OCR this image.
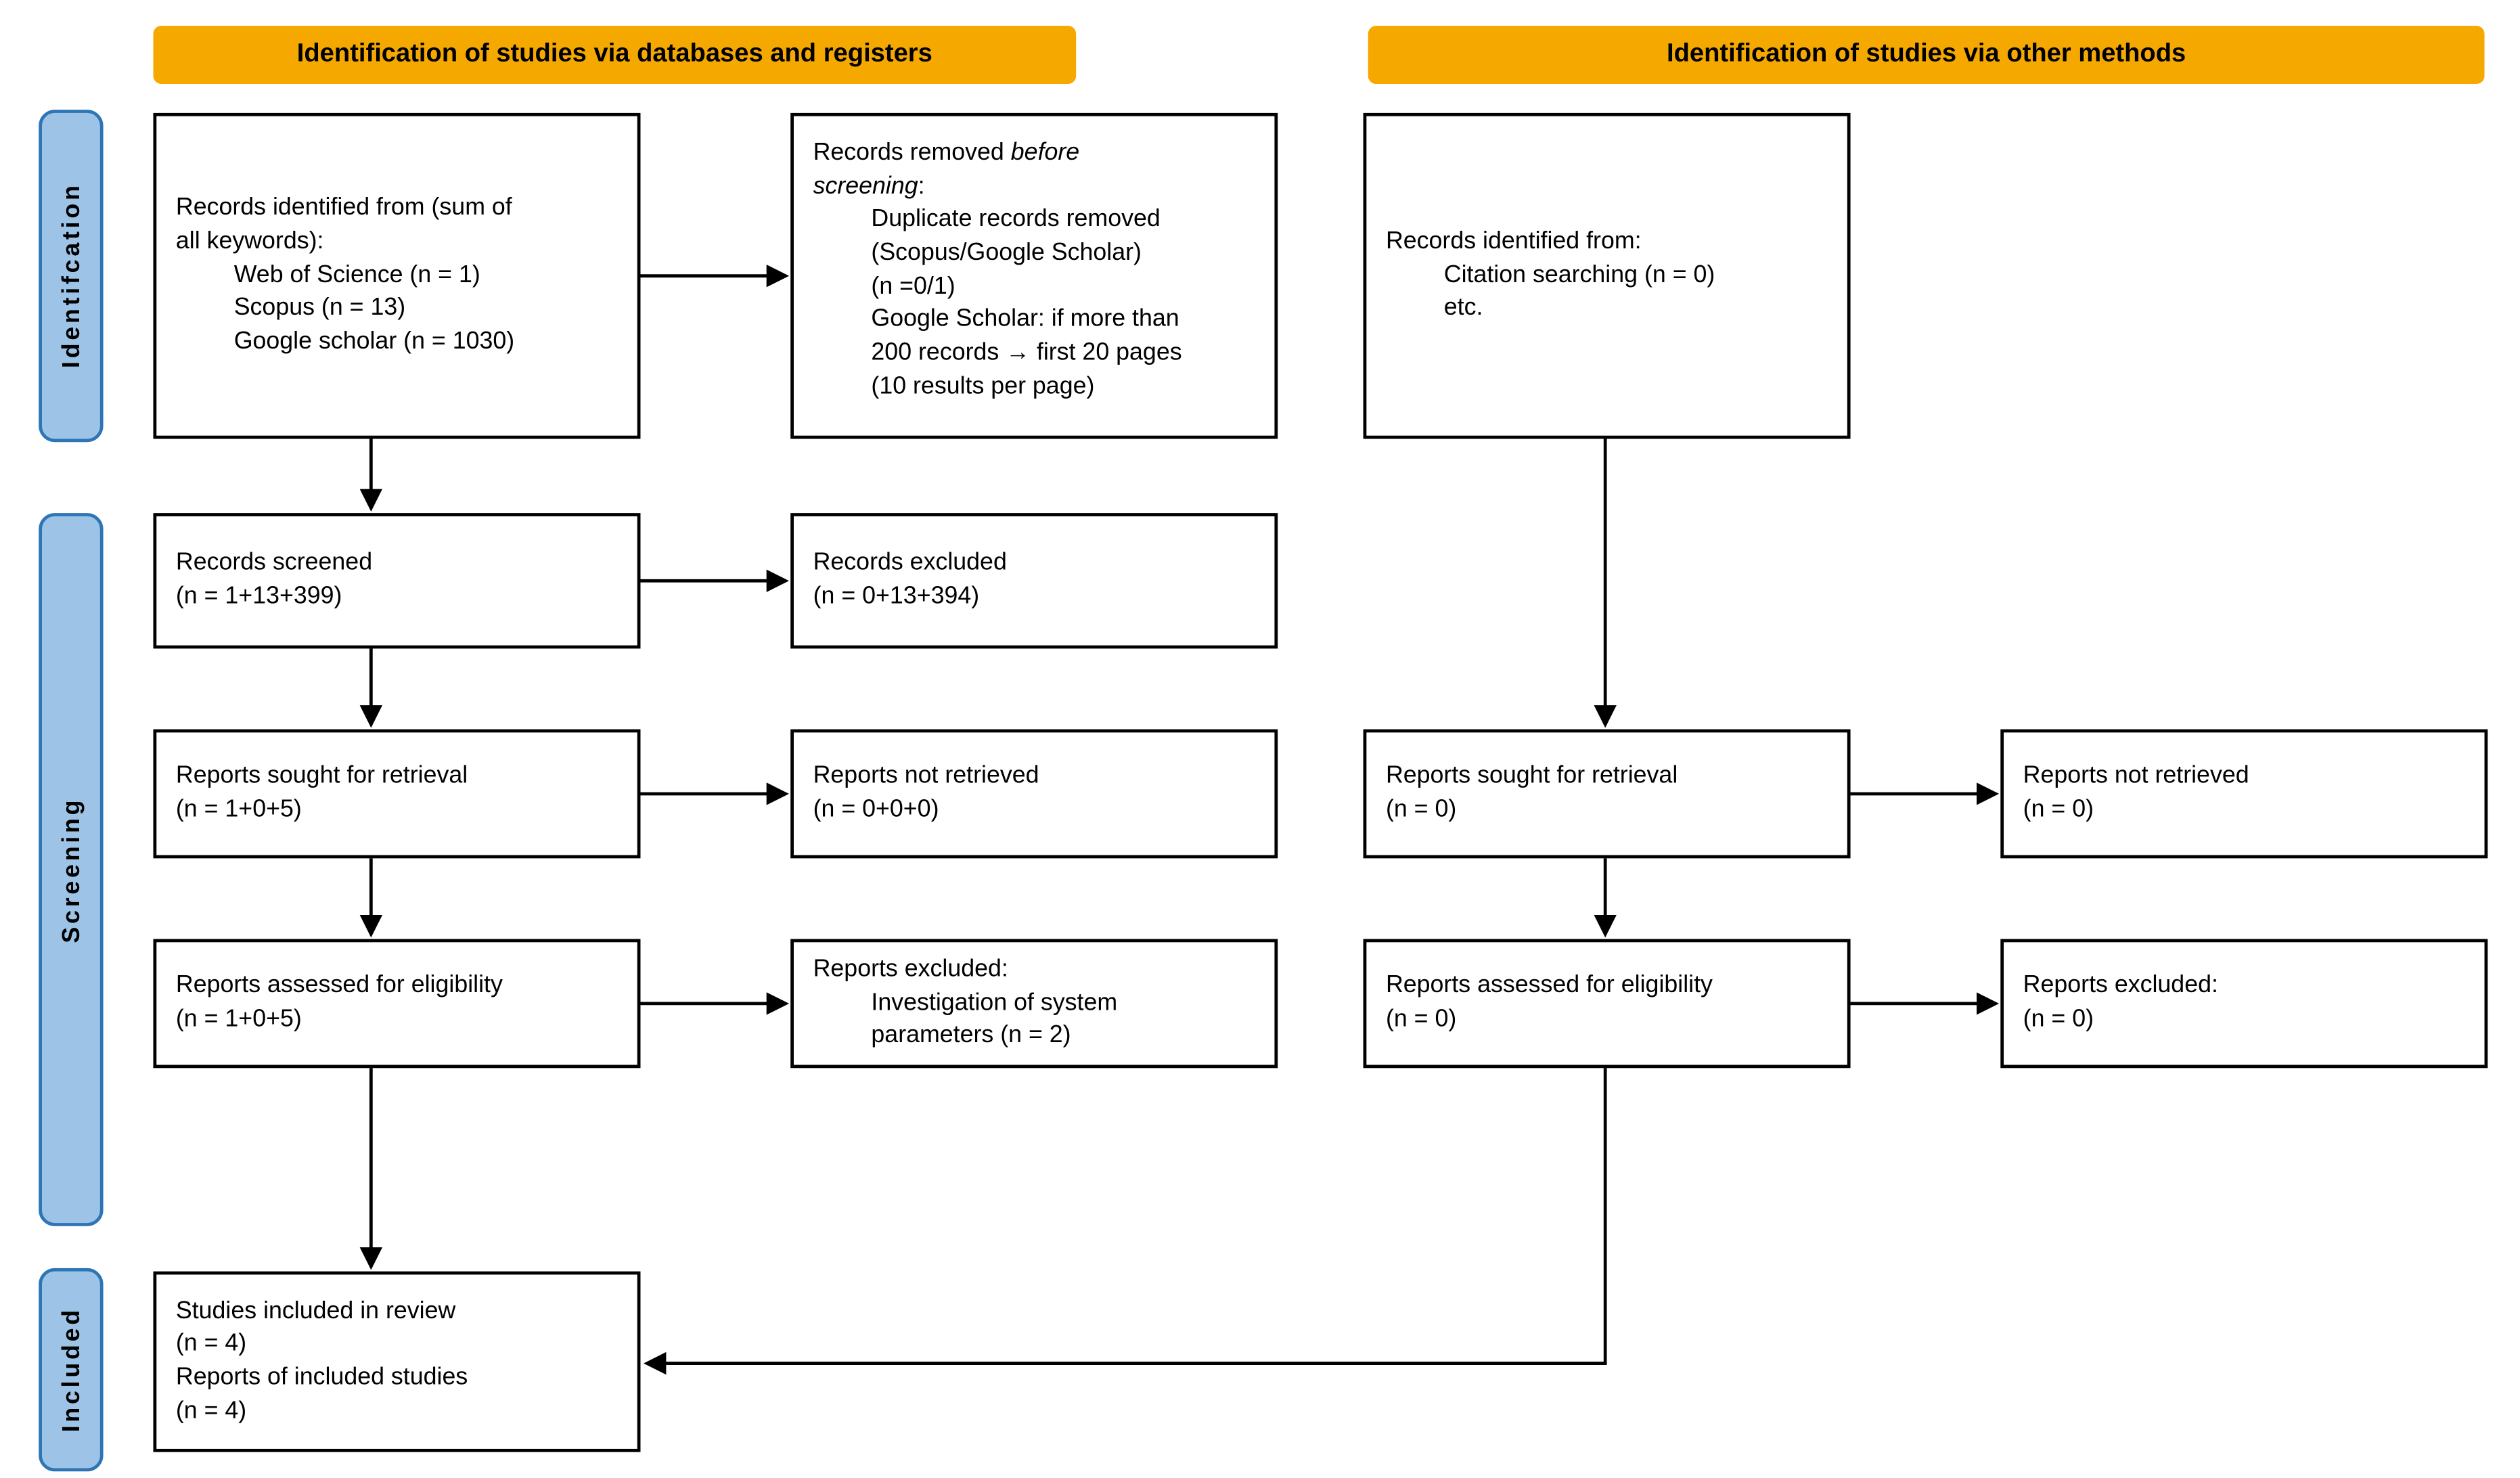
Identification of studies via databases and registers	Identification of studies via other methods
Identifcation
Screening
Included
Records identified from (sum of
all keywords):
Web of Science (n = 1)
Scopus (n = 13)
Google scholar (n = 1030)
Records removed before
screening:
Duplicate records removed
(Scopus/Google Scholar)
(n =0/1)
Google Scholar: if more than
200 records → first 20 pages
(10 results per page)
Records screened
(n = 1+13+399)
Records excluded
(n = 0+13+394)
Reports sought for retrieval
(n = 1+0+5)
Reports not retrieved
(n = 0+0+0)
Reports assessed for eligibility
(n = 1+0+5)
Reports excluded:
Investigation of system
parameters (n = 2)
Studies included in review
(n = 4)
Reports of included studies
(n = 4)
Records identified from:
Citation searching (n = 0)
etc.
Reports sought for retrieval
(n = 0)
Reports not retrieved
(n = 0)
Reports assessed for eligibility
(n = 0)
Reports excluded:
(n = 0)
